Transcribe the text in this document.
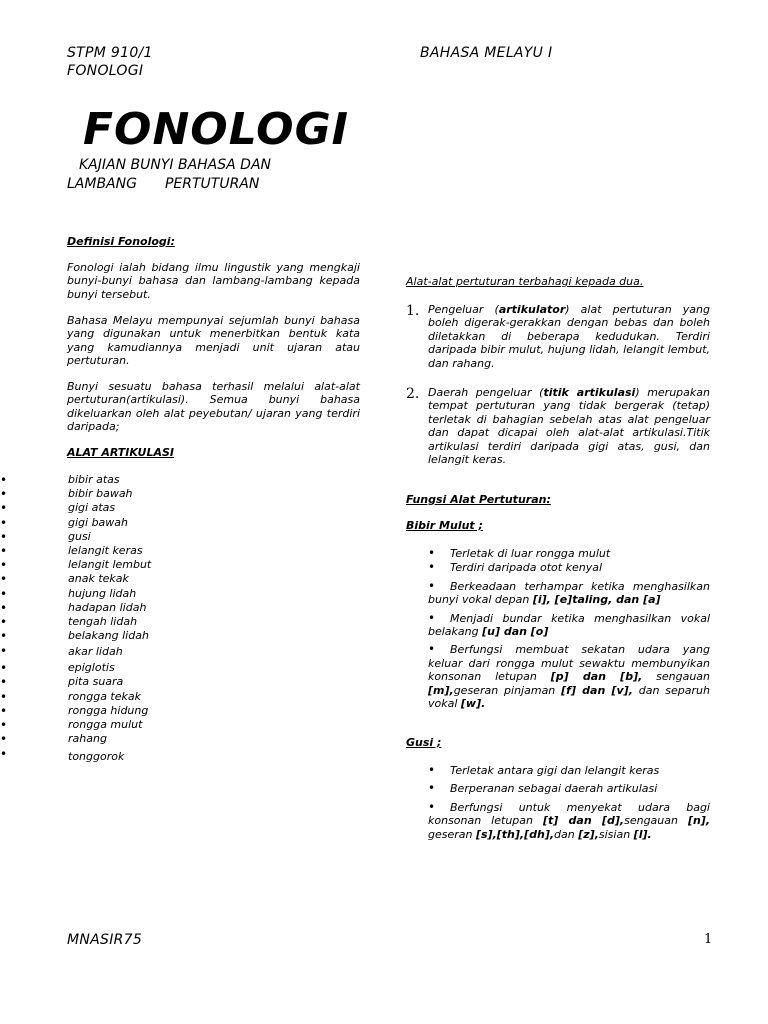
STPM 910/1
FONOLOGI
BAHASA MELAYU I
FONOLOGI
KAJIAN BUNYI BAHASA DAN
LAMBANG PERTUTURAN
Definisi Fonologi:
Fonologi ialah bidang ilmu lingustik yang mengkaji bunyi-bunyi bahasa dan lambang-lambang kepada bunyi tersebut.
Bahasa Melayu mempunyai sejumlah bunyi bahasa yang digunakan untuk menerbitkan bentuk kata yang kamudiannya menjadi unit ujaran atau pertuturan.
Bunyi sesuatu bahasa terhasil melalui alat-alat pertuturan(artikulasi). Semua bunyi bahasa dikeluarkan oleh alat peyebutan/ ujaran yang terdiri daripada;
ALAT ARTIKULASI
•	bibir atas
•	bibir bawah
•	gigi atas
•	gigi bawah
•	gusi
•	lelangit keras
•	lelangit lembut
•	anak tekak
•	hujung lidah
•	hadapan lidah
•	tengah lidah
•	belakang lidah
•	akar lidah
•	epiglotis
•	pita suara
•	rongga tekak
•	rongga hidung
•	rongga mulut
•	rahang
•	tonggorok
Alat-alat pertuturan terbahagi kepada dua.
1. Pengeluar (artikulator) alat pertuturan yang boleh digerak-gerakkan dengan bebas dan boleh diletakkan di beberapa kedudukan. Terdiri daripada bibir mulut, hujung lidah, lelangit lembut, dan rahang.
2. Daerah pengeluar (titik artikulasi) merupakan tempat pertuturan yang tidak bergerak (tetap) terletak di bahagian sebelah atas alat pengeluar dan dapat dicapai oleh alat-alat artikulasi.Titik artikulasi terdiri daripada gigi atas, gusi, dan lelangit keras.
Fungsi Alat Pertuturan:
Bibir Mulut ;
•	Terletak di luar rongga mulut
•	Terdiri daripada otot kenyal
•	Berkeadaan terhampar ketika menghasilkan bunyi vokal depan [i], [e]taling, dan [a]
•	Menjadi bundar ketika menghasilkan vokal belakang [u] dan [o]
•	Berfungsi membuat sekatan udara yang keluar dari rongga mulut sewaktu membunyikan konsonan letupan [p] dan [b], sengauan [m],geseran pinjaman [f] dan [v], dan separuh vokal [w].
Gusi ;
•	Terletak antara gigi dan lelangit keras
•	Berperanan sebagai daerah artikulasi
•	Berfungsi untuk menyekat udara bagi konsonan letupan [t] dan [d],sengauan [n], geseran [s],[th],[dh],dan [z],sisian [l].
MNASIR75	1
